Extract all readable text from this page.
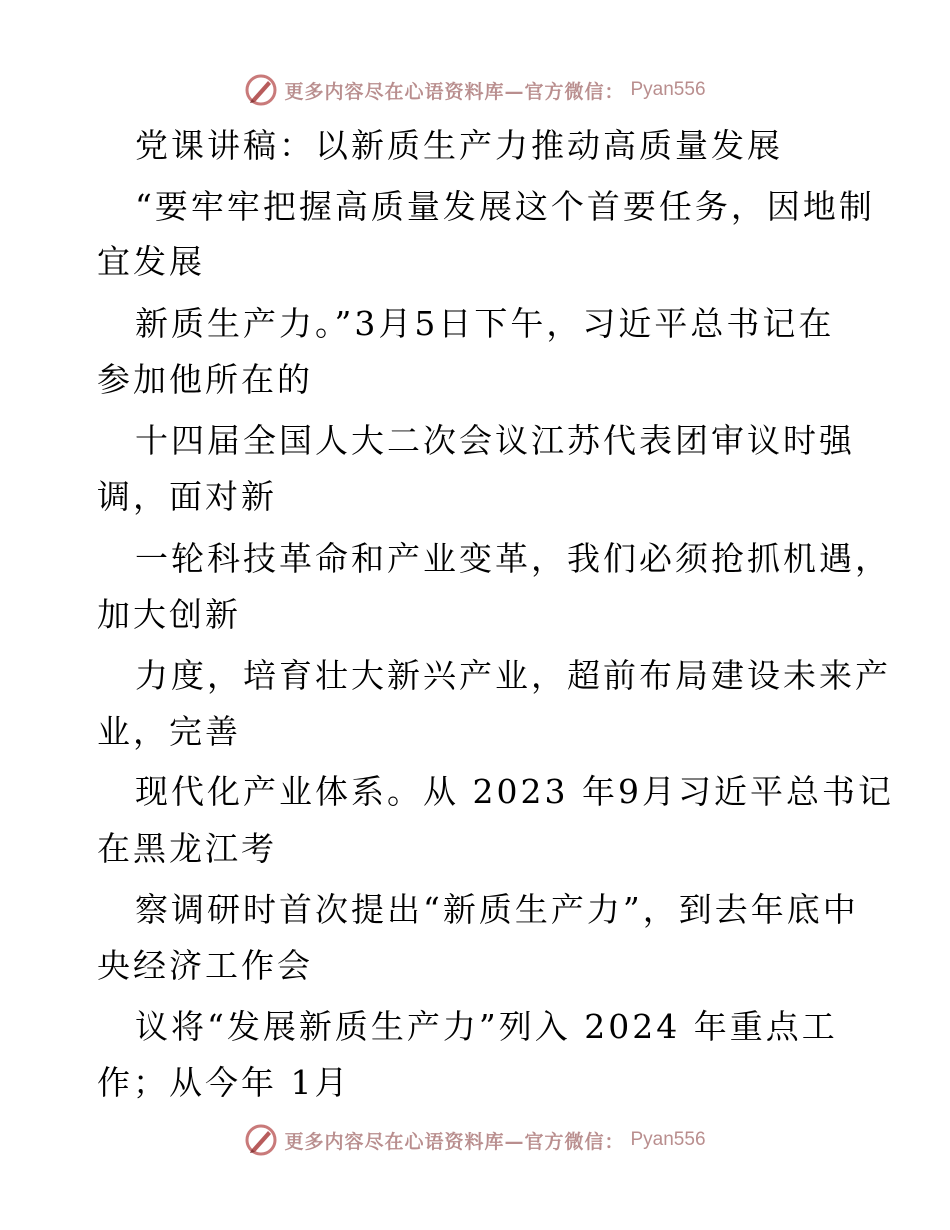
更多内容尽在心语资料库—官方微信： Pyan556
党课讲稿：以新质生产力推动高质量发展
“要牢牢把握高质量发展这个首要任务，因地制
宜发展
新质生产力。”3月5日下午，习近平总书记在
参加他所在的
十四届全国人大二次会议江苏代表团审议时强
调，面对新
一轮科技革命和产业变革，我们必须抢抓机遇，
加大创新
力度，培育壮大新兴产业，超前布局建设未来产
业，完善
现代化产业体系。从 2023 年9月习近平总书记
在黑龙江考
察调研时首次提出“新质生产力”，到去年底中
央经济工作会
议将“发展新质生产力”列入 2024 年重点工
作；从今年 1月
更多内容尽在心语资料库—官方微信： Pyan556
